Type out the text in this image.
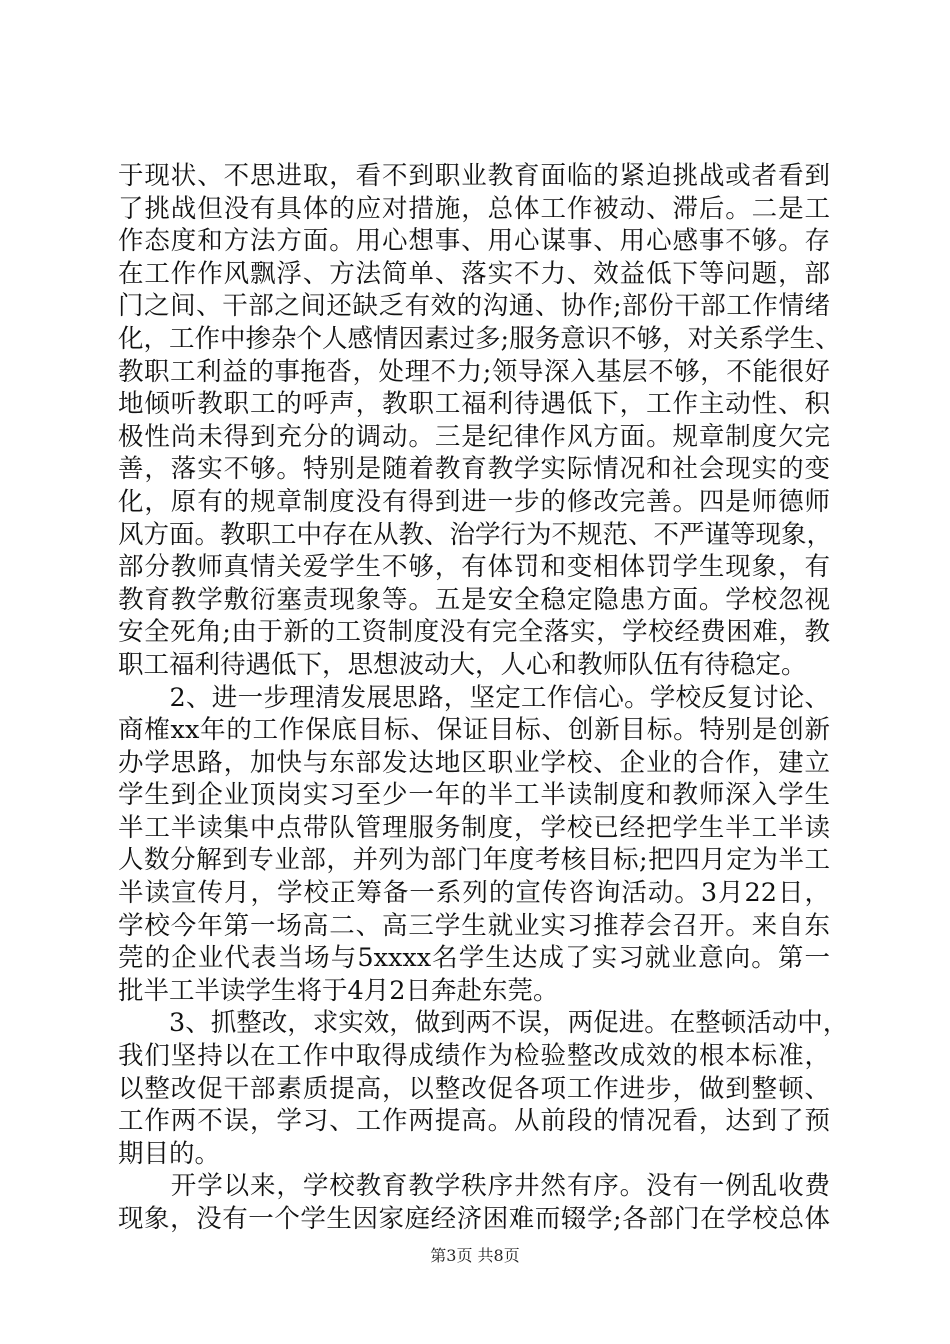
于现状、不思进取，看不到职业教育面临的紧迫挑战或者看到
了挑战但没有具体的应对措施，总体工作被动、滞后。二是工
作态度和方法方面。用心想事、用心谋事、用心感事不够。存
在工作作风飘浮、方法简单、落实不力、效益低下等问题，部
门之间、干部之间还缺乏有效的沟通、协作;部份干部工作情绪
化，工作中掺杂个人感情因素过多;服务意识不够，对关系学生、
教职工利益的事拖沓，处理不力;领导深入基层不够，不能很好
地倾听教职工的呼声，教职工福利待遇低下，工作主动性、积
极性尚未得到充分的调动。三是纪律作风方面。规章制度欠完
善，落实不够。特别是随着教育教学实际情况和社会现实的变
化，原有的规章制度没有得到进一步的修改完善。四是师德师
风方面。教职工中存在从教、治学行为不规范、不严谨等现象，
部分教师真情关爱学生不够，有体罚和变相体罚学生现象，有
教育教学敷衍塞责现象等。五是安全稳定隐患方面。学校忽视
安全死角;由于新的工资制度没有完全落实，学校经费困难，教
职工福利待遇低下，思想波动大，人心和教师队伍有待稳定。
　　2、进一步理清发展思路，坚定工作信心。学校反复讨论、
商榷xx年的工作保底目标、保证目标、创新目标。特别是创新
办学思路，加快与东部发达地区职业学校、企业的合作，建立
学生到企业顶岗实习至少一年的半工半读制度和教师深入学生
半工半读集中点带队管理服务制度，学校已经把学生半工半读
人数分解到专业部，并列为部门年度考核目标;把四月定为半工
半读宣传月，学校正筹备一系列的宣传咨询活动。3月22日，
学校今年第一场高二、高三学生就业实习推荐会召开。来自东
莞的企业代表当场与5xxxx名学生达成了实习就业意向。第一
批半工半读学生将于4月2日奔赴东莞。
　　3、抓整改，求实效，做到两不误，两促进。在整顿活动中，
我们坚持以在工作中取得成绩作为检验整改成效的根本标准，
以整改促干部素质提高，以整改促各项工作进步，做到整顿、
工作两不误，学习、工作两提高。从前段的情况看，达到了预
期目的。
　　开学以来，学校教育教学秩序井然有序。没有一例乱收费
现象，没有一个学生因家庭经济困难而辍学;各部门在学校总体
第3页 共8页
